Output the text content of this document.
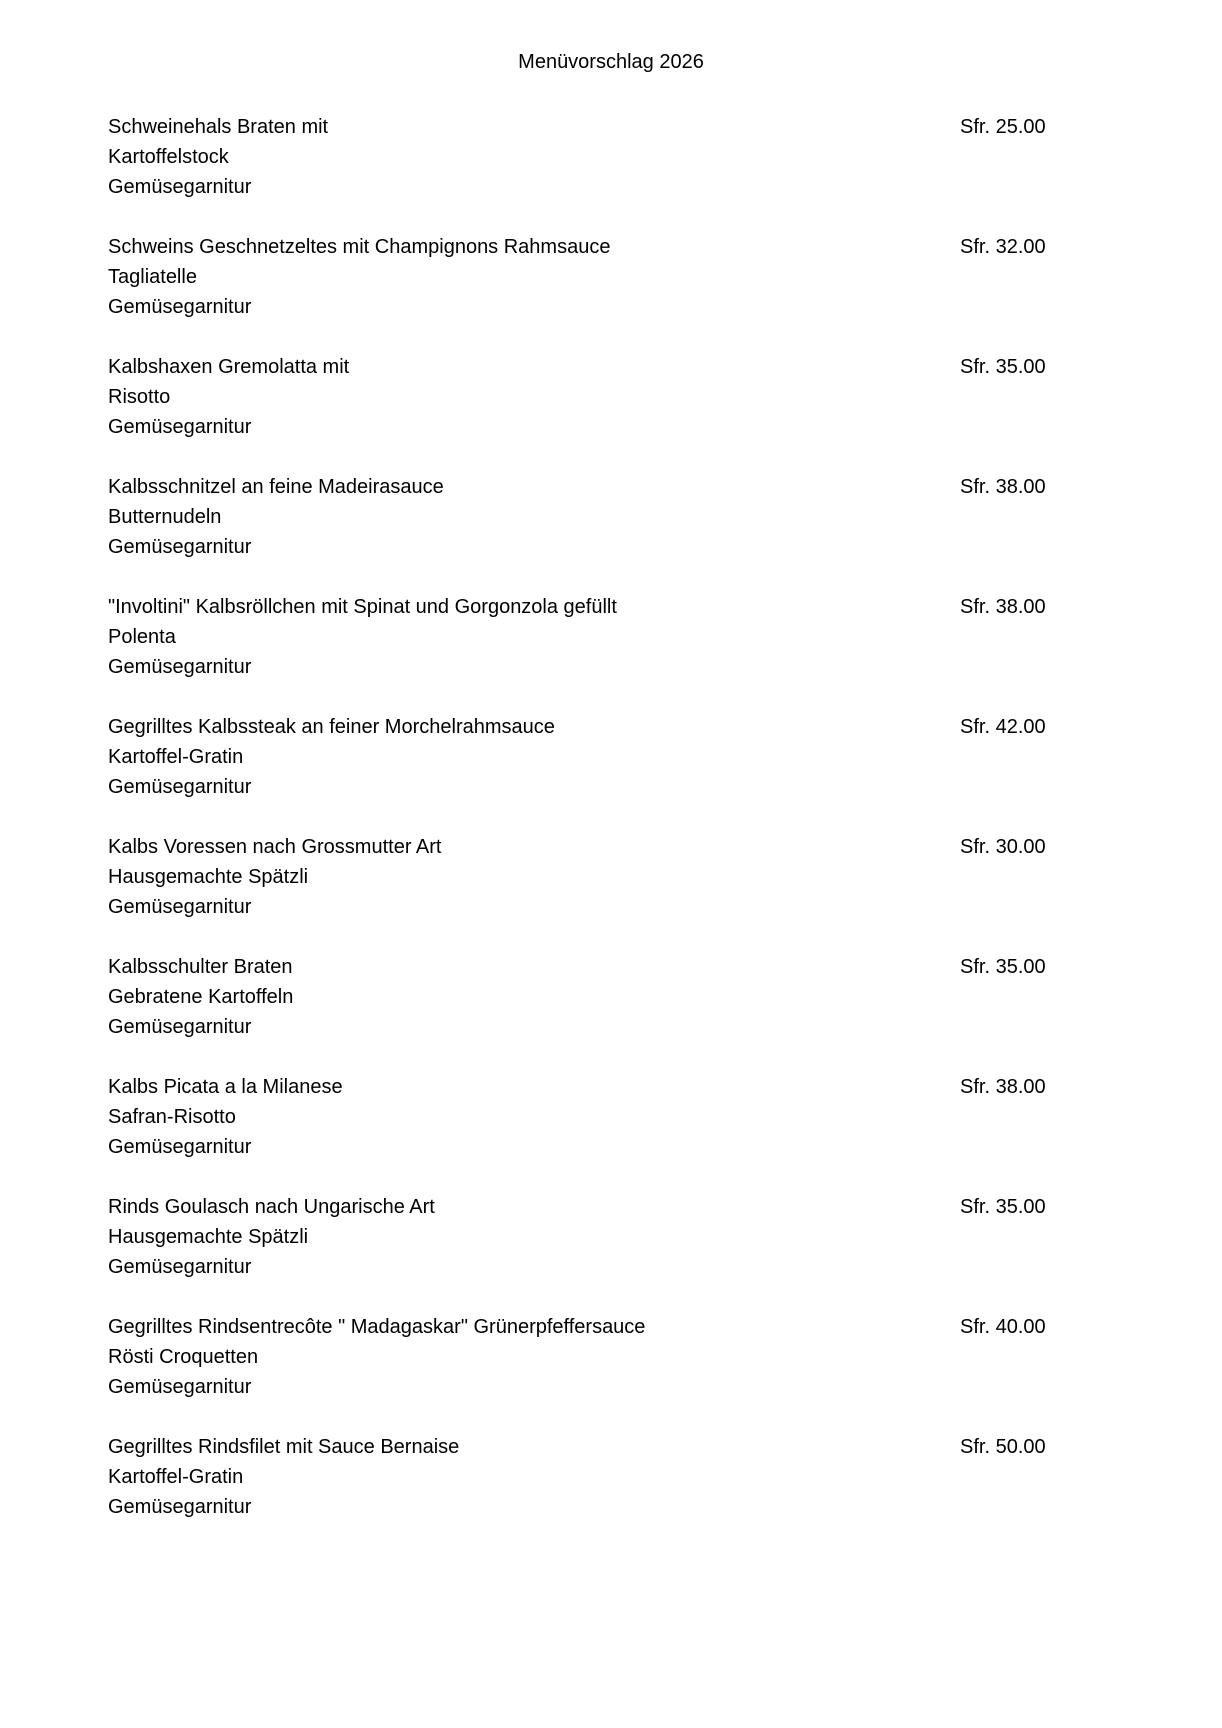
Menüvorschlag 2026
Schweinehals Braten mit
Kartoffelstock
Gemüsegarnitur
Sfr. 25.00
Schweins Geschnetzeltes mit Champignons Rahmsauce
Tagliatelle
Gemüsegarnitur
Sfr. 32.00
Kalbshaxen Gremolatta mit
Risotto
Gemüsegarnitur
Sfr. 35.00
Kalbsschnitzel an feine Madeirasauce
Butternudeln
Gemüsegarnitur
Sfr. 38.00
"Involtini" Kalbsröllchen mit Spinat und Gorgonzola gefüllt
Polenta
Gemüsegarnitur
Sfr. 38.00
Gegrilltes Kalbssteak an feiner Morchelrahmsauce
Kartoffel-Gratin
Gemüsegarnitur
Sfr. 42.00
Kalbs Voressen nach Grossmutter Art
Hausgemachte Spätzli
Gemüsegarnitur
Sfr. 30.00
Kalbsschulter Braten
Gebratene Kartoffeln
Gemüsegarnitur
Sfr. 35.00
Kalbs Picata a la Milanese
Safran-Risotto
Gemüsegarnitur
Sfr. 38.00
Rinds Goulasch nach Ungarische Art
Hausgemachte Spätzli
Gemüsegarnitur
Sfr. 35.00
Gegrilltes Rindsentrecôte " Madagaskar" Grünerpfeffersauce
Rösti Croquetten
Gemüsegarnitur
Sfr. 40.00
Gegrilltes Rindsfilet mit Sauce Bernaise
Kartoffel-Gratin
Gemüsegarnitur
Sfr. 50.00
